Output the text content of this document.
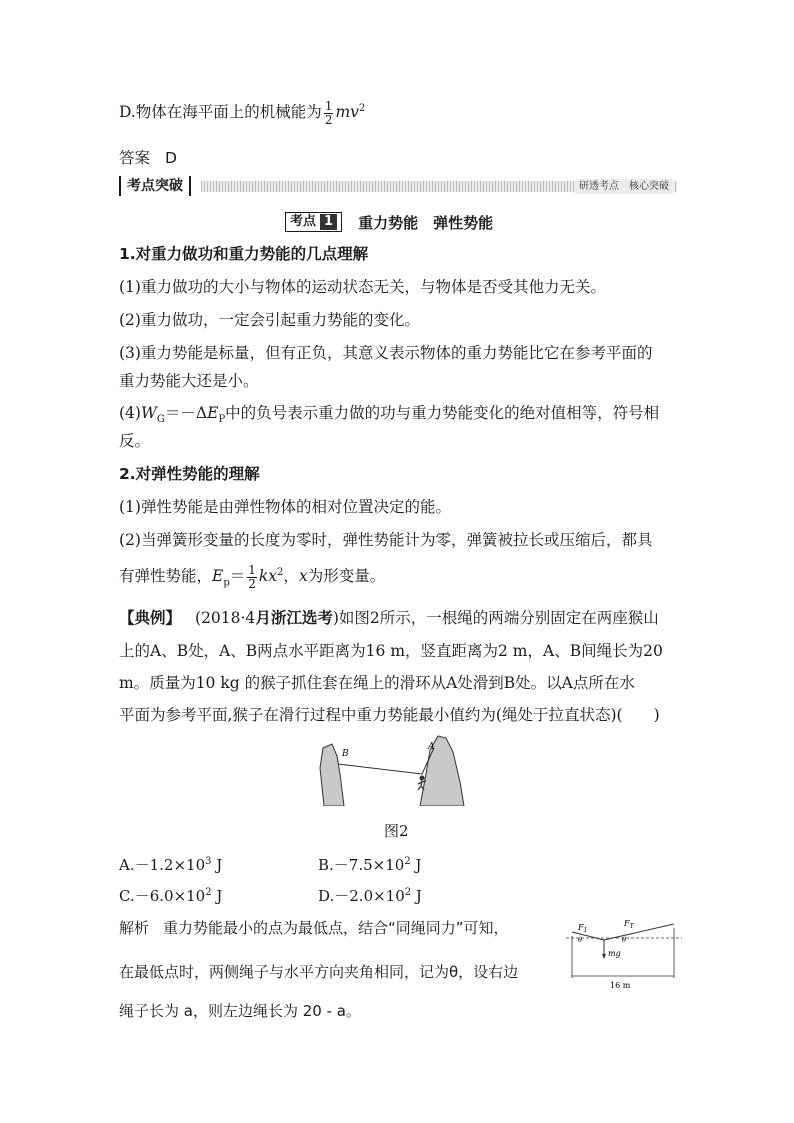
D.物体在海平面上的机械能为 $\frac{1}{2} mv^2$
答案 D
考点突破	研透考点　核心突破
考点 1 重力势能　弹性势能
1.对重力做功和重力势能的几点理解
(1)重力做功的大小与物体的运动状态无关，与物体是否受其他力无关。
(2)重力做功，一定会引起重力势能的变化。
(3)重力势能是标量，但有正负，其意义表示物体的重力势能比它在参考平面的
重力势能大还是小。
$(4)W_G=-\Delta E_P$中的负号表示重力做的功与重力势能变化的绝对值相等，符号相
反。
2.对弹性势能的理解
(1)弹性势能是由弹性物体的相对位置决定的能。
(2)当弹簧形变量的长度为零时，弹性势能计为零，弹簧被拉长或压缩后，都具
有弹性势能，$E_p= \frac{1}{2} kx^2$，x为形变量。
【典例】 (2018·4月浙江选考)如图2所示，一根绳的两端分别固定在两座猴山
上的A、B处，A、B两点水平距离为16 m，竖直距离为2 m，A、B间绳长为20
m。质量为10 kg 的猴子抓住套在绳上的滑环从A处滑到B处。以A点所在水
平面为参考平面,猴子在滑行过程中重力势能最小值约为(绳处于拉直状态)(　　)
B
A
图2
$A.-1.2\times 10^3$ J	$B.-7.5\times 10^2$ J
$C.-6.0\times 10^2$ J	$D.-2.0\times 10^2$ J
解析 重力势能最小的点为最低点，结合“同绳同力”可知，
在最低点时，两侧绳子与水平方向夹角相同，记为θ，设右边
绳子长为 a，则左边绳长为 20 - a。
$F_1$
$F_T$
θ	θ
mg
16 m
